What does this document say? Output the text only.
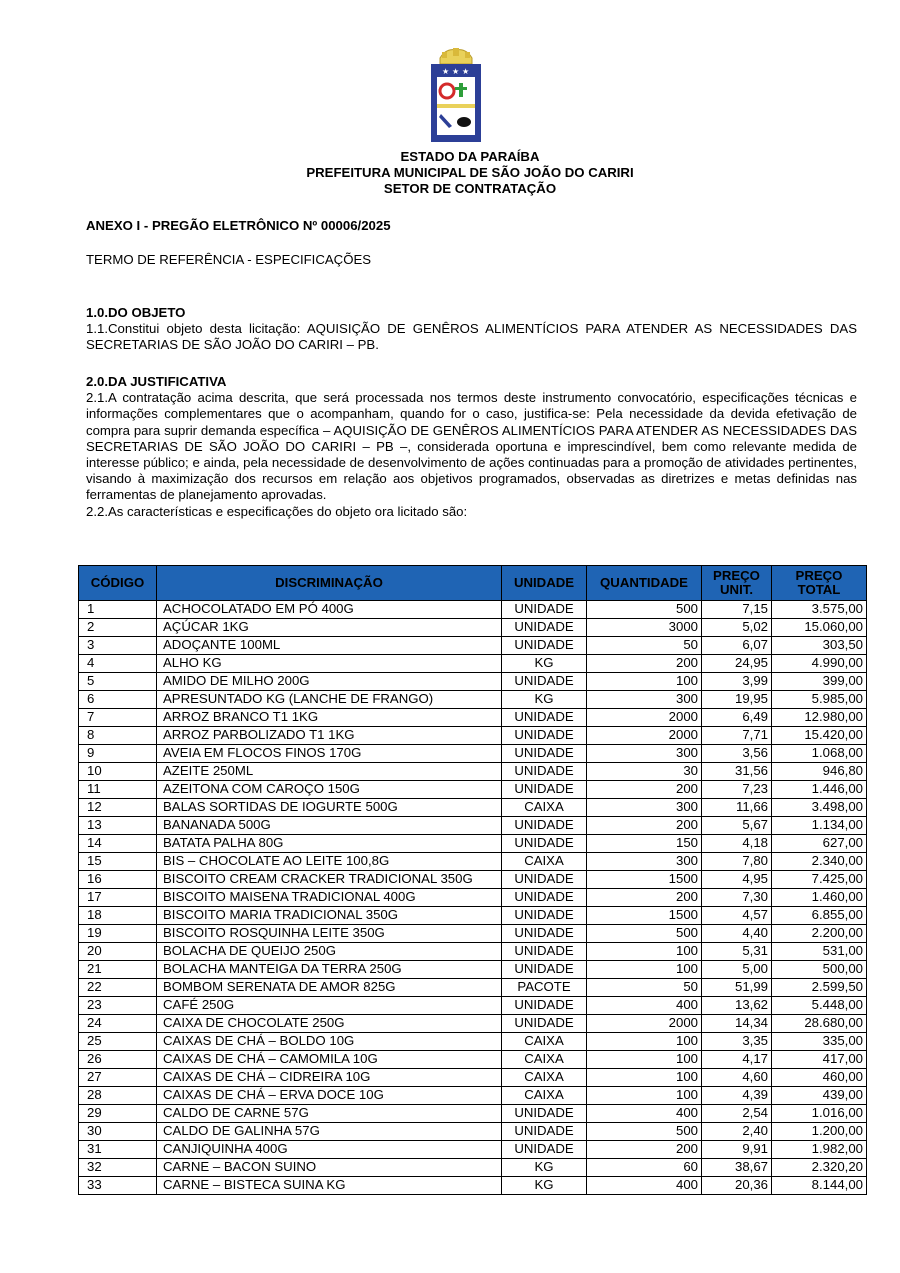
★ ★ ★
ESTADO DA PARAÍBA
PREFEITURA MUNICIPAL DE SÃO JOÃO DO CARIRI
SETOR DE CONTRATAÇÃO
ANEXO I - PREGÃO ELETRÔNICO Nº 00006/2025
TERMO DE REFERÊNCIA - ESPECIFICAÇÕES
1.0.DO OBJETO

1.1.Constitui objeto desta licitação: AQUISIÇÃO DE GENÊROS ALIMENTÍCIOS PARA ATENDER AS NECESSIDADES DAS SECRETARIAS DE SÃO JOÃO DO CARIRI – PB.

2.0.DA JUSTIFICATIVA

2.1.A contratação acima descrita, que será processada nos termos deste instrumento convocatório, especificações técnicas e informações complementares que o acompanham, quando for o caso, justifica-se: Pela necessidade da devida efetivação de compra para suprir demanda específica – AQUISIÇÃO DE GENÊROS ALIMENTÍCIOS PARA ATENDER AS NECESSIDADES DAS SECRETARIAS DE SÃO JOÃO DO CARIRI – PB –, considerada oportuna e imprescindível, bem como relevante medida de interesse público; e ainda, pela necessidade de desenvolvimento de ações continuadas para a promoção de atividades pertinentes, visando à maximização dos recursos em relação aos objetivos programados, observadas as diretrizes e metas definidas nas ferramentas de planejamento aprovadas.

2.2.As características e especificações do objeto ora licitado são:

CÓDIGO	DISCRIMINAÇÃO	UNIDADE	QUANTIDADE	PREÇO UNIT.	PREÇO TOTAL
1	ACHOCOLATADO EM PÓ 400G	UNIDADE	500	7,15	3.575,00
2	AÇÚCAR 1KG	UNIDADE	3000	5,02	15.060,00
3	ADOÇANTE 100ML	UNIDADE	50	6,07	303,50
4	ALHO KG	KG	200	24,95	4.990,00
5	AMIDO DE MILHO 200G	UNIDADE	100	3,99	399,00
6	APRESUNTADO KG (LANCHE DE FRANGO)	KG	300	19,95	5.985,00
7	ARROZ BRANCO T1 1KG	UNIDADE	2000	6,49	12.980,00
8	ARROZ PARBOLIZADO T1 1KG	UNIDADE	2000	7,71	15.420,00
9	AVEIA EM FLOCOS FINOS 170G	UNIDADE	300	3,56	1.068,00
10	AZEITE 250ML	UNIDADE	30	31,56	946,80
11	AZEITONA COM CAROÇO 150G	UNIDADE	200	7,23	1.446,00
12	BALAS SORTIDAS DE IOGURTE 500G	CAIXA	300	11,66	3.498,00
13	BANANADA 500G	UNIDADE	200	5,67	1.134,00
14	BATATA PALHA 80G	UNIDADE	150	4,18	627,00
15	BIS – CHOCOLATE AO LEITE 100,8G	CAIXA	300	7,80	2.340,00
16	BISCOITO CREAM CRACKER TRADICIONAL 350G	UNIDADE	1500	4,95	7.425,00
17	BISCOITO MAISENA TRADICIONAL 400G	UNIDADE	200	7,30	1.460,00
18	BISCOITO MARIA TRADICIONAL 350G	UNIDADE	1500	4,57	6.855,00
19	BISCOITO ROSQUINHA LEITE 350G	UNIDADE	500	4,40	2.200,00
20	BOLACHA DE QUEIJO 250G	UNIDADE	100	5,31	531,00
21	BOLACHA MANTEIGA DA TERRA 250G	UNIDADE	100	5,00	500,00
22	BOMBOM SERENATA DE AMOR 825G	PACOTE	50	51,99	2.599,50
23	CAFÉ 250G	UNIDADE	400	13,62	5.448,00
24	CAIXA DE CHOCOLATE 250G	UNIDADE	2000	14,34	28.680,00
25	CAIXAS DE CHÁ – BOLDO 10G	CAIXA	100	3,35	335,00
26	CAIXAS DE CHÁ – CAMOMILA 10G	CAIXA	100	4,17	417,00
27	CAIXAS DE CHÁ – CIDREIRA 10G	CAIXA	100	4,60	460,00
28	CAIXAS DE CHÁ – ERVA DOCE 10G	CAIXA	100	4,39	439,00
29	CALDO DE CARNE 57G	UNIDADE	400	2,54	1.016,00
30	CALDO DE GALINHA 57G	UNIDADE	500	2,40	1.200,00
31	CANJIQUINHA 400G	UNIDADE	200	9,91	1.982,00
32	CARNE – BACON SUINO	KG	60	38,67	2.320,20
33	CARNE – BISTECA SUINA KG	KG	400	20,36	8.144,00
